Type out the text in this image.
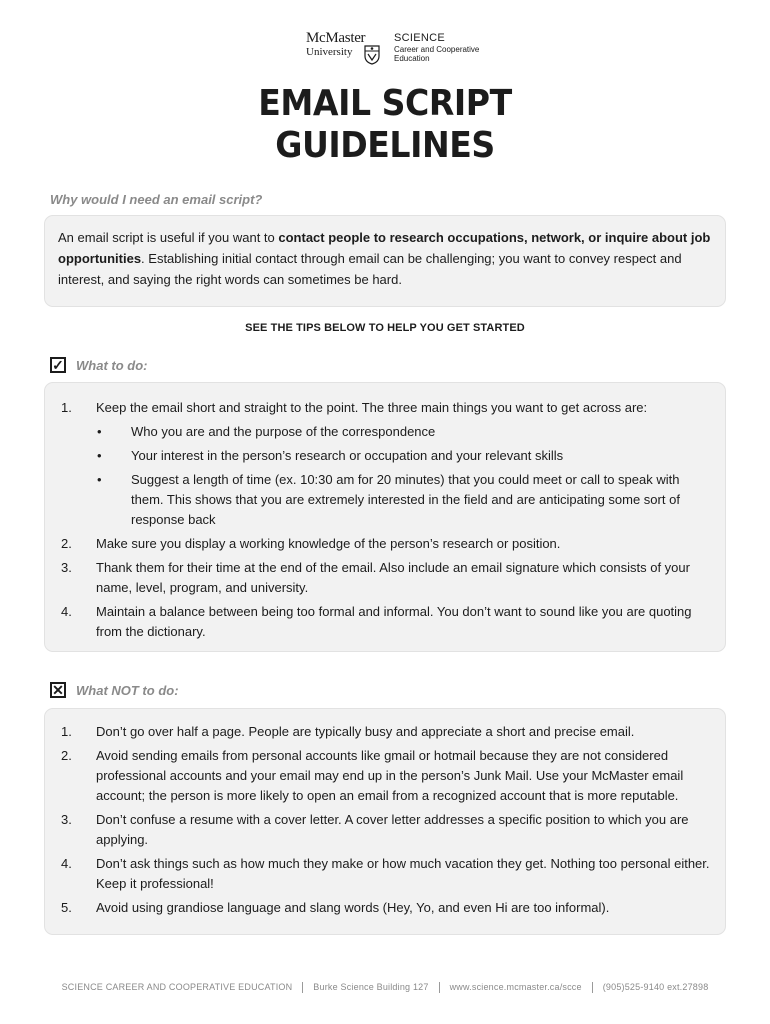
McMaster
University
SCIENCE
Career and Cooperative
Education
EMAIL SCRIPT
GUIDELINES
Why would I need an email script?

An email script is useful if you want to contact people to research occupations, network, or inquire about job opportunities. Establishing initial contact through email can be challenging; you want to convey respect and interest, and saying the right words can sometimes be hard.

SEE THE TIPS BELOW TO HELP YOU GET STARTED
✓ What to do:
1. Keep the email short and straight to the point. The three main things you want to get across are:
• Who you are and the purpose of the correspondence
• Your interest in the person’s research or occupation and your relevant skills
• Suggest a length of time (ex. 10:30 am for 20 minutes) that you could meet or call to speak with them. This shows that you are extremely interested in the field and are anticipating some sort of response back
2. Make sure you display a working knowledge of the person’s research or position.
3. Thank them for their time at the end of the email. Also include an email signature which consists of your name, level, program, and university.
4. Maintain a balance between being too formal and informal. You don’t want to sound like you are quoting from the dictionary.
✕ What NOT to do:
1. Don’t go over half a page. People are typically busy and appreciate a short and precise email.
2. Avoid sending emails from personal accounts like gmail or hotmail because they are not considered professional accounts and your email may end up in the person’s Junk Mail. Use your McMaster email account; the person is more likely to open an email from a recognized account that is more reputable.
3. Don’t confuse a resume with a cover letter. A cover letter addresses a specific position to which you are applying.
4. Don’t ask things such as how much they make or how much vacation they get. Nothing too personal either. Keep it professional!
5. Avoid using grandiose language and slang words (Hey, Yo, and even Hi are too informal).
SCIENCE CAREER AND COOPERATIVE EDUCATION Burke Science Building 127 www.science.mcmaster.ca/scce (905)525-9140 ext.27898
